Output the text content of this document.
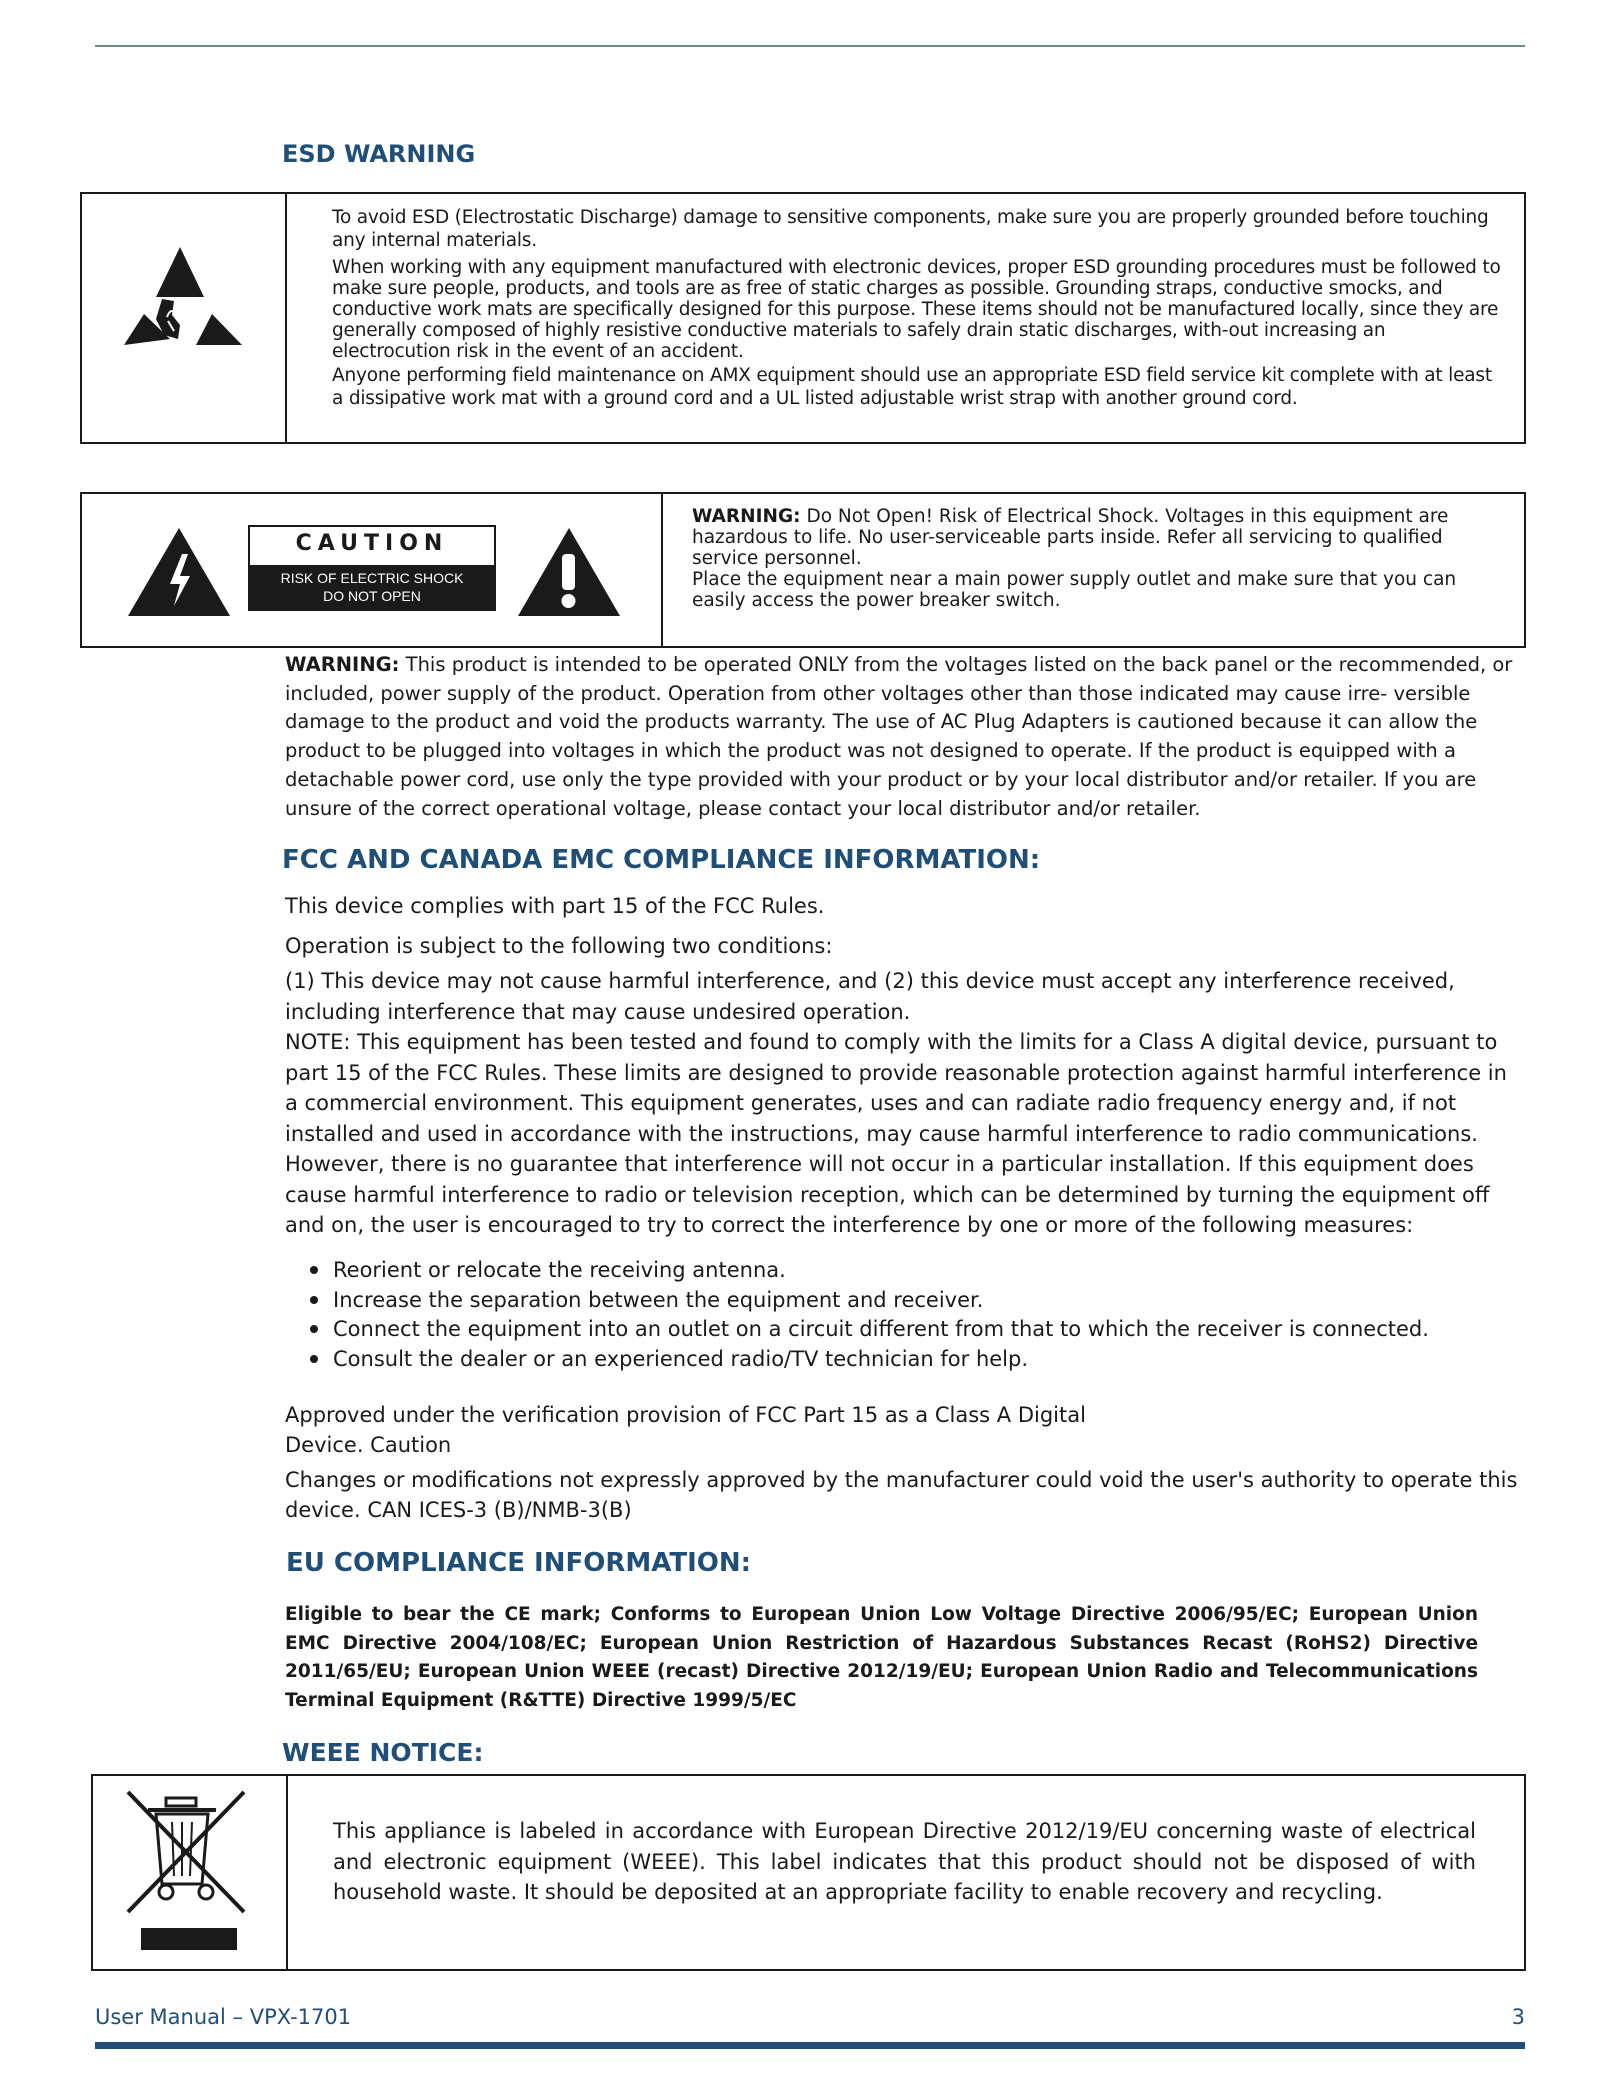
ESD WARNING

To avoid ESD (Electrostatic Discharge) damage to sensitive components, make sure you are properly grounded before touching any internal materials.

When working with any equipment manufactured with electronic devices, proper ESD grounding procedures must be followed to make sure people, products, and tools are as free of static charges as possible. Grounding straps, conductive smocks, and conductive work mats are specifically designed for this purpose. These items should not be manufactured locally, since they are generally composed of highly resistive conductive materials to safely drain static discharges, with-out increasing an electrocution risk in the event of an accident.

Anyone performing field maintenance on AMX equipment should use an appropriate ESD field service kit complete with at least a dissipative work mat with a ground cord and a UL listed adjustable wrist strap with another ground cord.

WARNING: Do Not Open! Risk of Electrical Shock. Voltages in this equipment are hazardous to life. No user-serviceable parts inside. Refer all servicing to qualified service personnel.

Place the equipment near a main power supply outlet and make sure that you can easily access the power breaker switch.

CAUTION
RISK OF ELECTRIC SHOCK
DO NOT OPEN

WARNING: This product is intended to be operated ONLY from the voltages listed on the back panel or the recommended, or included, power supply of the product. Operation from other voltages other than those indicated may cause irre- versible damage to the product and void the products warranty. The use of AC Plug Adapters is cautioned because it can allow the product to be plugged into voltages in which the product was not designed to operate. If the product is equipped with a detachable power cord, use only the type provided with your product or by your local distributor and/or retailer. If you are unsure of the correct operational voltage, please contact your local distributor and/or retailer.

FCC AND CANADA EMC COMPLIANCE INFORMATION:

This device complies with part 15 of the FCC Rules.

Operation is subject to the following two conditions:

(1) This device may not cause harmful interference, and (2) this device must accept any interference received, including interference that may cause undesired operation.

NOTE: This equipment has been tested and found to comply with the limits for a Class A digital device, pursuant to part 15 of the FCC Rules. These limits are designed to provide reasonable protection against harmful interference in a commercial environment. This equipment generates, uses and can radiate radio frequency energy and, if not installed and used in accordance with the instructions, may cause harmful interference to radio communications. However, there is no guarantee that interference will not occur in a particular installation. If this equipment does cause harmful interference to radio or television reception, which can be determined by turning the equipment off and on, the user is encouraged to try to correct the interference by one or more of the following measures:

Reorient or relocate the receiving antenna.
Increase the separation between the equipment and receiver.
Connect the equipment into an outlet on a circuit different from that to which the receiver is connected.
Consult the dealer or an experienced radio/TV technician for help.

Approved under the verification provision of FCC Part 15 as a Class A Digital

Device. Caution

Changes or modifications not expressly approved by the manufacturer could void the user's authority to operate this device. CAN ICES-3 (B)/NMB-3(B)

EU COMPLIANCE INFORMATION:

Eligible to bear the CE mark; Conforms to European Union Low Voltage Directive 2006/95/EC; European Union EMC Directive 2004/108/EC; European Union Restriction of Hazardous Substances Recast (RoHS2) Directive 2011/65/EU; European Union WEEE (recast) Directive 2012/19/EU; European Union Radio and Telecommunications Terminal Equipment (R&TTE) Directive 1999/5/EC

WEEE NOTICE:

This appliance is labeled in accordance with European Directive 2012/19/EU concerning waste of electrical and electronic equipment (WEEE). This label indicates that this product should not be disposed of with household waste. It should be deposited at an appropriate facility to enable recovery and recycling.

User Manual – VPX-1701	3
